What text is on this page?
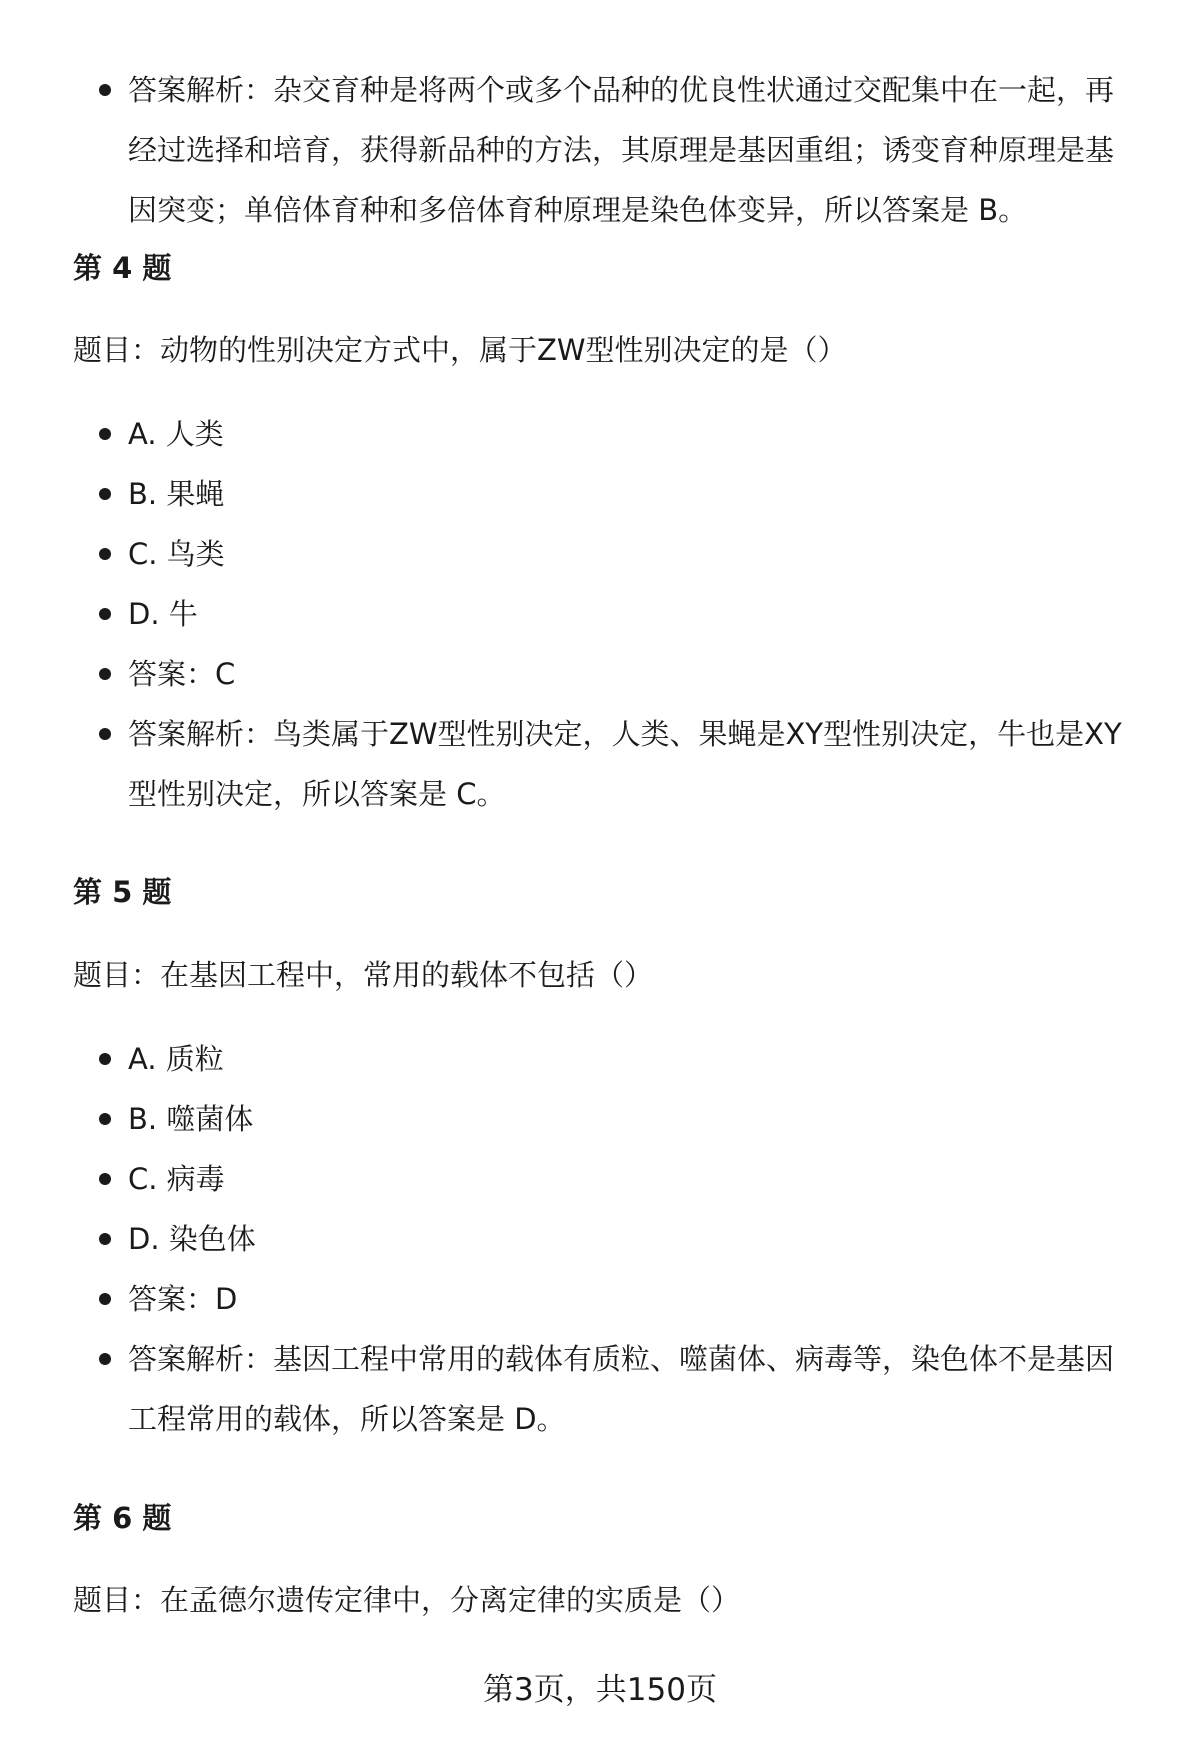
答案解析：杂交育种是将两个或多个品种的优良性状通过交配集中在一起，再经过选择和培育，获得新品种的方法，其原理是基因重组；诱变育种原理是基因突变；单倍体育种和多倍体育种原理是染色体变异，所以答案是 B。
第 4 题
题目：动物的性别决定方式中，属于ZW型性别决定的是（）
A. 人类
B. 果蝇
C. 鸟类
D. 牛
答案：C
答案解析：鸟类属于ZW型性别决定，人类、果蝇是XY型性别决定，牛也是XY型性别决定，所以答案是 C。
第 5 题
题目：在基因工程中，常用的载体不包括（）
A. 质粒
B. 噬菌体
C. 病毒
D. 染色体
答案：D
答案解析：基因工程中常用的载体有质粒、噬菌体、病毒等，染色体不是基因工程常用的载体，所以答案是 D。
第 6 题
题目：在孟德尔遗传定律中，分离定律的实质是（）
第3页，共150页
